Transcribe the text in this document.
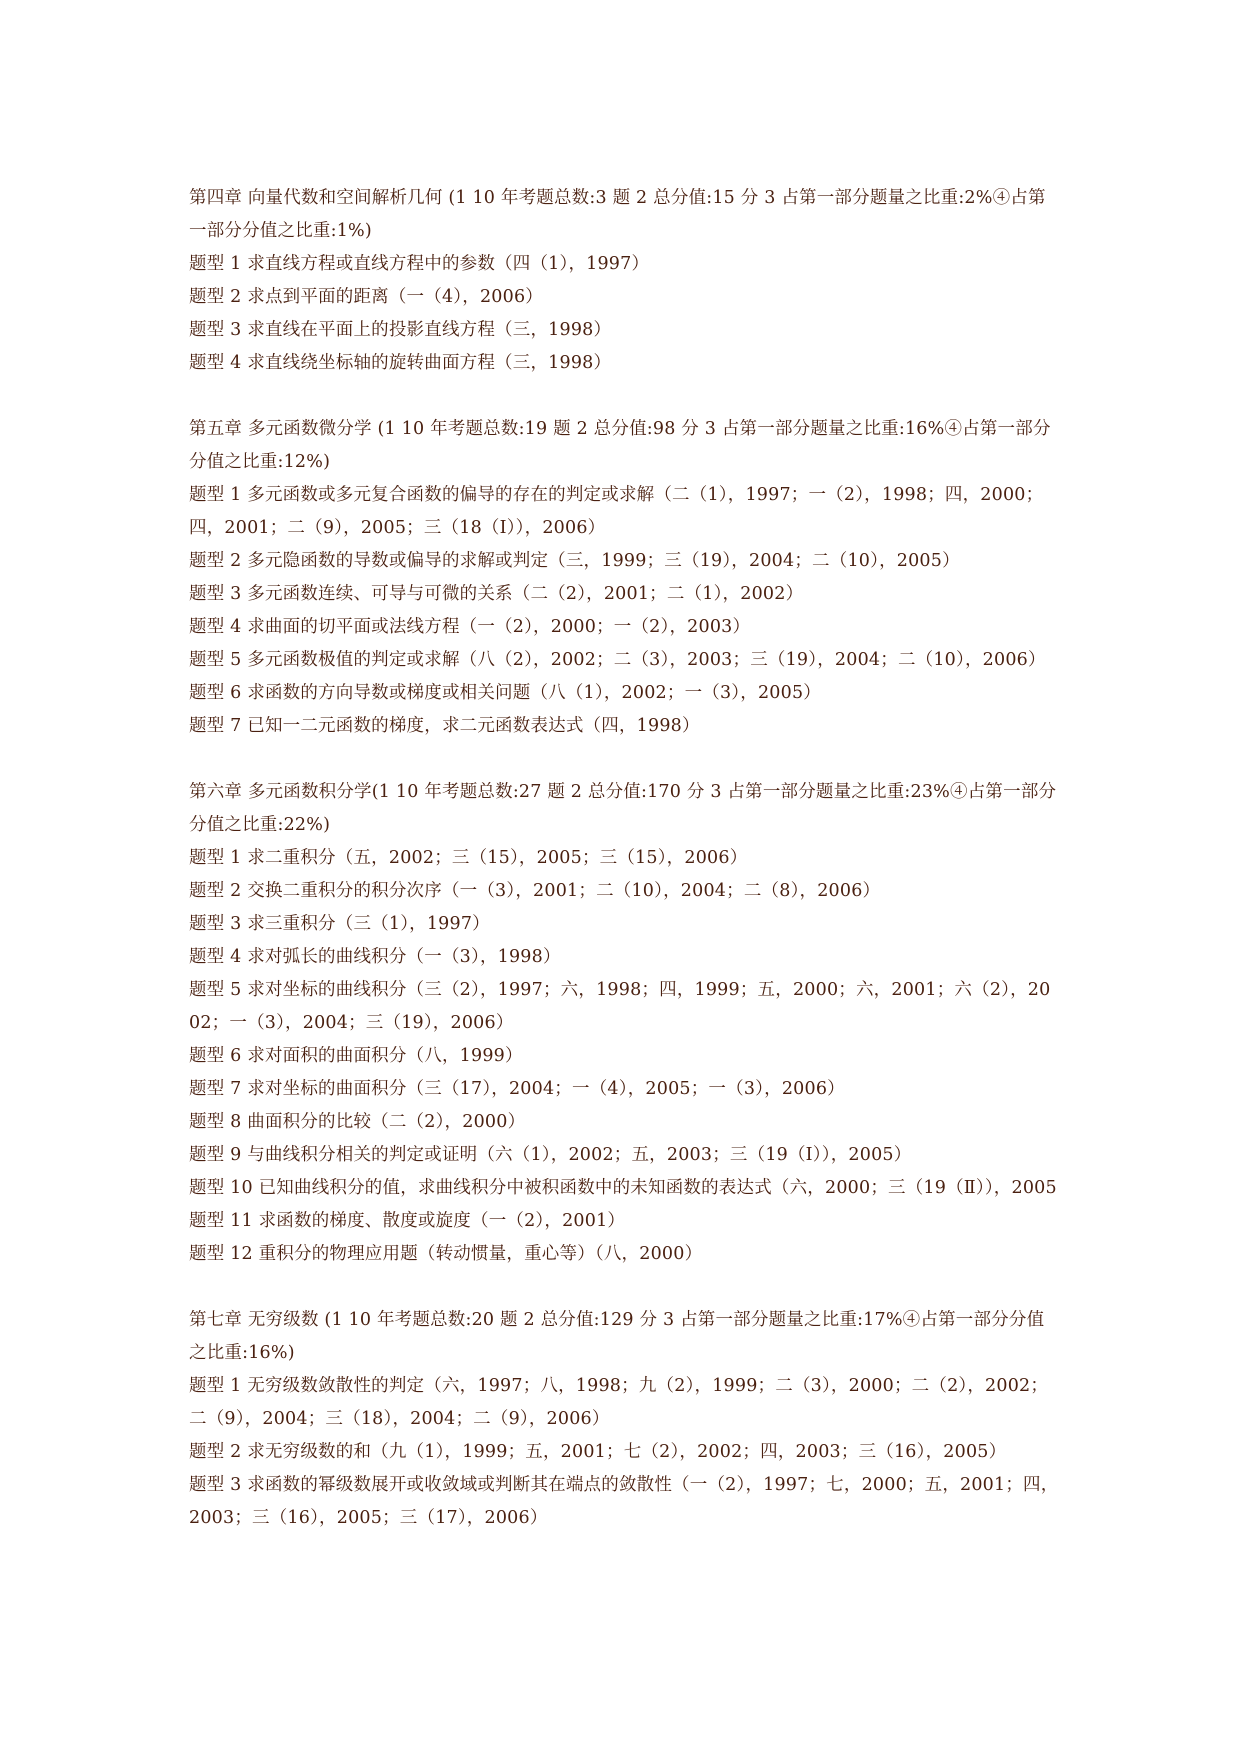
第四章 向量代数和空间解析几何 (1 10 年考题总数:3 题 2 总分值:15 分 3 占第一部分题量之比重:2%④占第一部分分值之比重:1%)
题型 1 求直线方程或直线方程中的参数（四（1），1997）
题型 2 求点到平面的距离（一（4），2006）
题型 3 求直线在平面上的投影直线方程（三，1998）
题型 4 求直线绕坐标轴的旋转曲面方程（三，1998）
第五章 多元函数微分学 (1 10 年考题总数:19 题 2 总分值:98 分 3 占第一部分题量之比重:16%④占第一部分分值之比重:12%)
题型 1 多元函数或多元复合函数的偏导的存在的判定或求解（二（1），1997；一（2），1998；四，2000；四，2001；二（9），2005；三（18（Ⅰ）），2006）
题型 2 多元隐函数的导数或偏导的求解或判定（三，1999；三（19），2004；二（10），2005）
题型 3 多元函数连续、可导与可微的关系（二（2），2001；二（1），2002）
题型 4 求曲面的切平面或法线方程（一（2），2000；一（2），2003）
题型 5 多元函数极值的判定或求解（八（2），2002；二（3），2003；三（19），2004；二（10），2006）
题型 6 求函数的方向导数或梯度或相关问题（八（1），2002；一（3），2005）
题型 7 已知一二元函数的梯度，求二元函数表达式（四，1998）
第六章 多元函数积分学(1 10 年考题总数:27 题 2 总分值:170 分 3 占第一部分题量之比重:23%④占第一部分分值之比重:22%)
题型 1 求二重积分（五，2002；三（15），2005；三（15），2006）
题型 2 交换二重积分的积分次序（一（3），2001；二（10），2004；二（8），2006）
题型 3 求三重积分（三（1），1997）
题型 4 求对弧长的曲线积分（一（3），1998）
题型 5 求对坐标的曲线积分（三（2），1997；六，1998；四，1999；五，2000；六，2001；六（2），2002；一（3），2004；三（19），2006）
题型 6 求对面积的曲面积分（八，1999）
题型 7 求对坐标的曲面积分（三（17），2004；一（4），2005；一（3），2006）
题型 8 曲面积分的比较（二（2），2000）
题型 9 与曲线积分相关的判定或证明（六（1），2002；五，2003；三（19（Ⅰ）），2005）
题型 10 已知曲线积分的值，求曲线积分中被积函数中的未知函数的表达式（六，2000；三（19（Ⅱ）），2005
题型 11 求函数的梯度、散度或旋度（一（2），2001）
题型 12 重积分的物理应用题（转动惯量，重心等）（八，2000）
第七章 无穷级数 (1 10 年考题总数:20 题 2 总分值:129 分 3 占第一部分题量之比重:17%④占第一部分分值之比重:16%)
题型 1 无穷级数敛散性的判定（六，1997；八，1998；九（2），1999；二（3），2000；二（2），2002；二（9），2004；三（18），2004；二（9），2006）
题型 2 求无穷级数的和（九（1），1999；五，2001；七（2），2002；四，2003；三（16），2005）
题型 3 求函数的幂级数展开或收敛域或判断其在端点的敛散性（一（2），1997；七，2000；五，2001；四，2003；三（16），2005；三（17），2006）
